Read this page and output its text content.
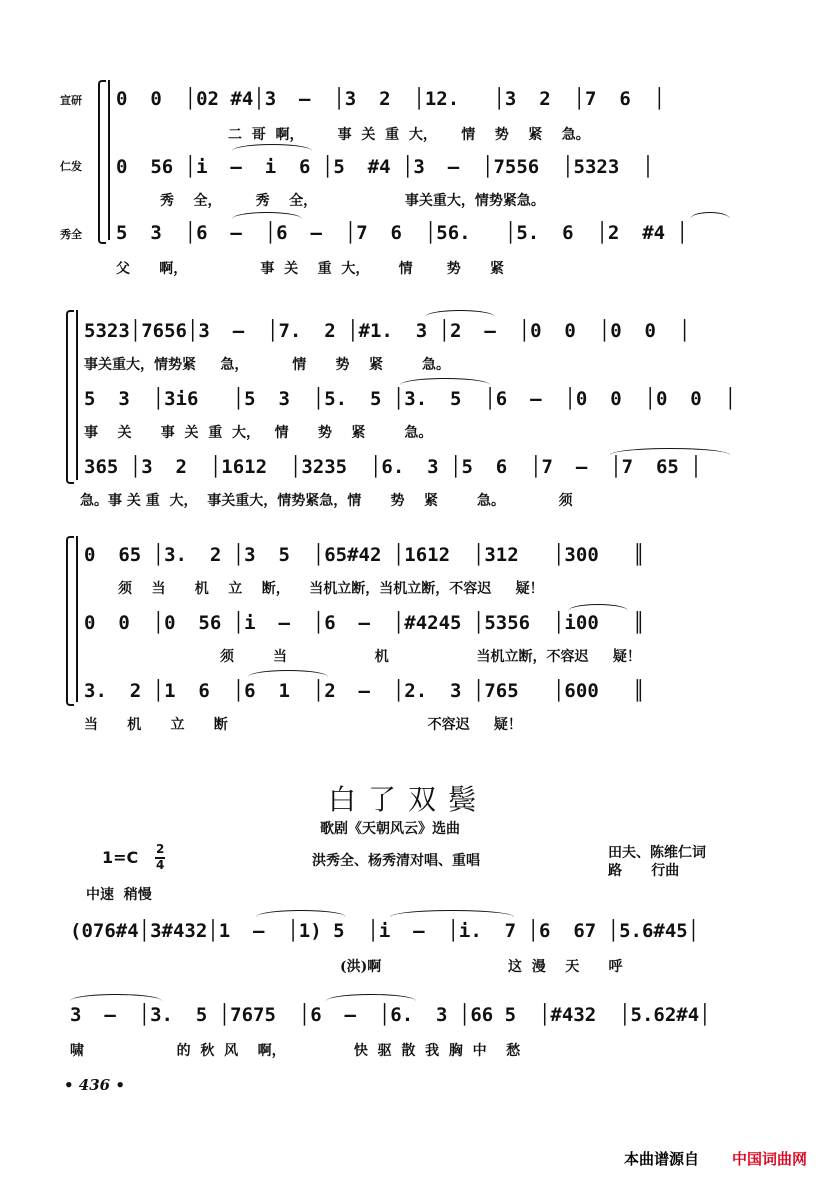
宣研
仁发
秀全
0  0  │02 #4│3  –  │3  2  │12.   │3  2  │7  6  │
二  哥  啊，       事  关  重  大，     情    势    紧    急。
0  56 │i  –  i  6 │5  #4 │3  –  │7556  │5323  │
秀    全，       秀    全，                  事关重大，情势紧急。
5  3  │6  –  │6  –  │7  6  │56.   │5.  6  │2  #4 │
父      啊，               事  关    重  大，      情       势      紧
5323│7656│3  –  │7.  2 │#1.  3 │2  –  │0  0  │0  0  │
事关重大，情势紧     急，         情      势    紧        急。
5  3  │3i6   │5  3  │5.  5 │3.  5  │6  –  │0  0  │0  0  │
事    关      事  关  重  大，   情      势    紧        急。
365 │3  2  │1612  │3235  │6.  3 │5  6  │7  –  │7  65 │
急。事 关 重  大，  事关重大，情势紧急，情      势    紧        急。           须
0  65 │3.  2 │3  5  │65#42 │1612  │312   │300   ║
须    当      机    立    断，    当机立断，当机立断，不容迟     疑！
0  0  │0  56 │i  –  │6  –  │#4245 │5356  │i00   ║
须        当                  机                  当机立断，不容迟     疑！
3.  2 │1  6  │6  1  │2  –  │2.  3 │765   │600   ║
当      机      立      断                                         不容迟     疑！
白了双鬓
歌剧《天朝风云》选曲
1=C 2
4	洪秀全、杨秀清对唱、重唱	田夫、陈维仁词
路      行曲
中速  稍慢
(076#4│3#432│1  –  │1) 5  │i  –  │i.  7 │6  67 │5.6#45│
(洪)啊                          这  漫    天      呼
3  –  │3.  5 │7675  │6  –  │6.  3 │66 5  │#432  │5.62#4│
啸                   的  秋  风    啊，              快  驱  散  我  胸  中    愁
• 436 •
本曲谱源自 中国词曲网
